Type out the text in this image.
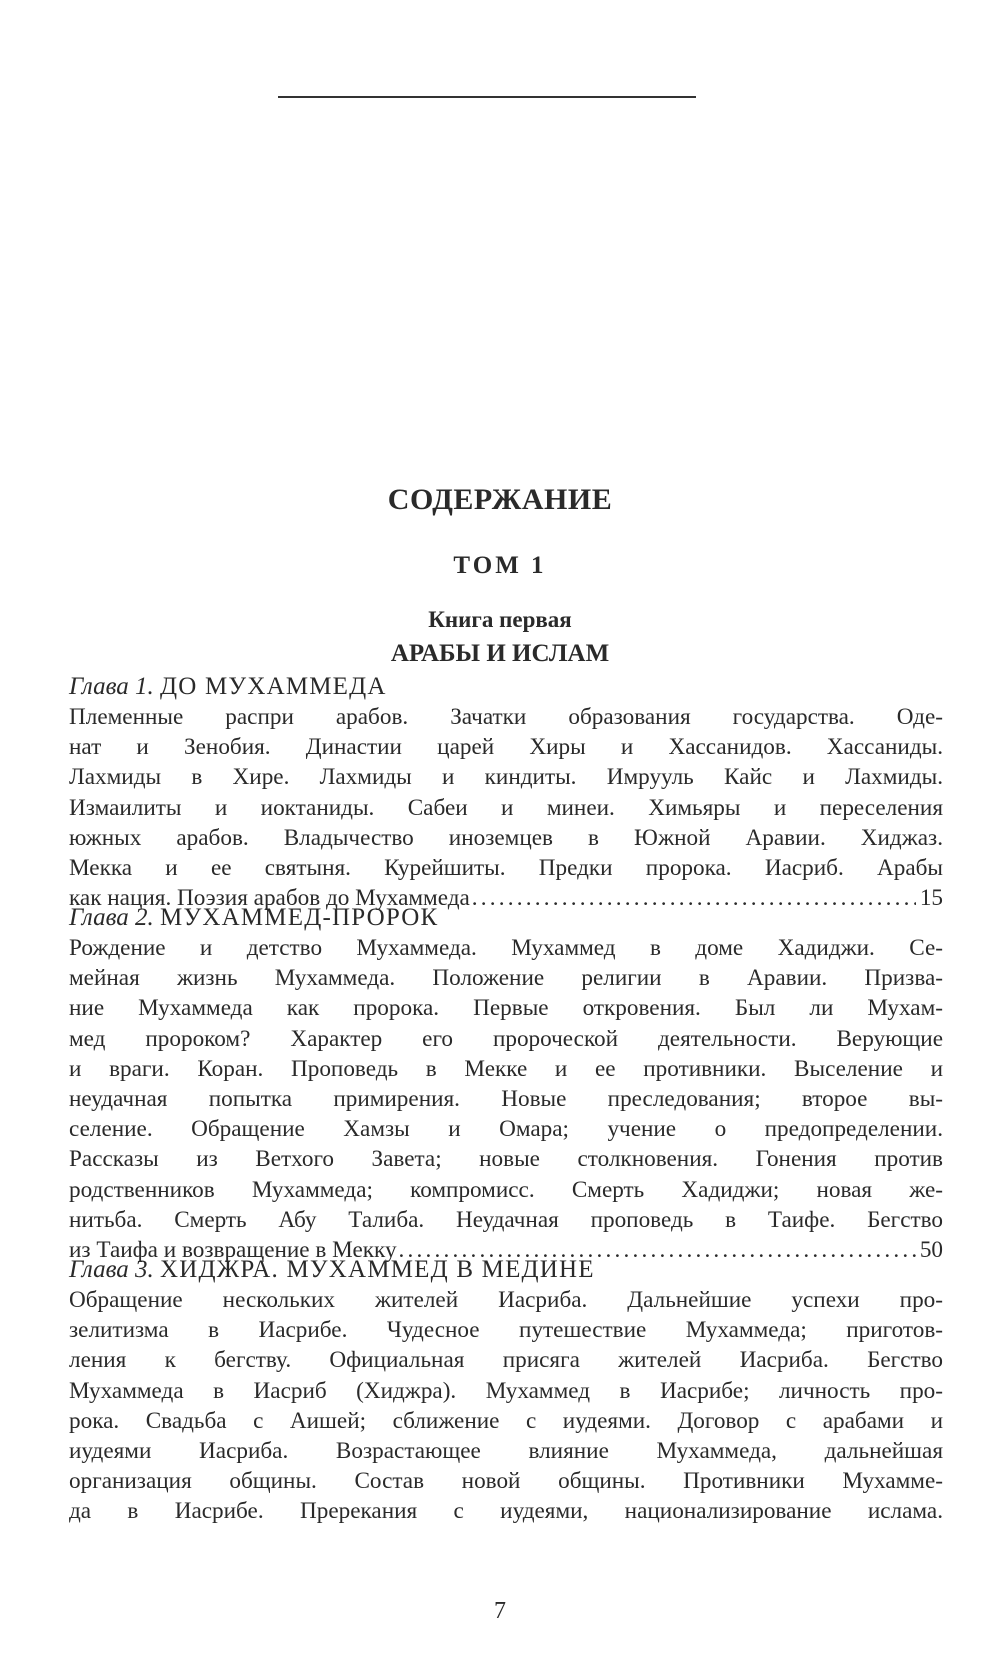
СОДЕРЖАНИЕ
ТОМ 1
Книга первая
АРАБЫ И ИСЛАМ
Глава 1. ДО МУХАММЕДА
Племенные распри арабов. Зачатки образования государства. Оде-
нат и Зенобия. Династии царей Хиры и Хассанидов. Хассаниды.
Лахмиды в Хире. Лахмиды и киндиты. Имрууль Кайс и Лахмиды.
Измаилиты и иоктаниды. Сабеи и минеи. Химьяры и переселения
южных арабов. Владычество иноземцев в Южной Аравии. Хиджаз.
Мекка и ее святыня. Курейшиты. Предки пророка. Иасриб. Арабы
как нация. Поэзия арабов до Мухаммеда .....	15
Глава 2. МУХАММЕД-ПРОРОК
Рождение и детство Мухаммеда. Мухаммед в доме Хадиджи. Се-
мейная жизнь Мухаммеда. Положение религии в Аравии. Призва-
ние Мухаммеда как пророка. Первые откровения. Был ли Мухам-
мед пророком? Характер его пророческой деятельности. Верующие
и враги. Коран. Проповедь в Мекке и ее противники. Выселение и
неудачная попытка примирения. Новые преследования; второе вы-
селение. Обращение Хамзы и Омара; учение о предопределении.
Рассказы из Ветхого Завета; новые столкновения. Гонения против
родственников Мухаммеда; компромисс. Смерть Хадиджи; новая же-
нитьба. Смерть Абу Талиба. Неудачная проповедь в Таифе. Бегство
из Таифа и возвращение в Мекку .....	50
Глава 3. ХИДЖРА. МУХАММЕД В МЕДИНЕ
Обращение нескольких жителей Иасриба. Дальнейшие успехи про-
зелитизма в Иасрибе. Чудесное путешествие Мухаммеда; приготов-
ления к бегству. Официальная присяга жителей Иасриба. Бегство
Мухаммеда в Иасриб (Хиджра). Мухаммед в Иасрибе; личность про-
рока. Свадьба с Аишей; сближение с иудеями. Договор с арабами и
иудеями Иасриба. Возрастающее влияние Мухаммеда, дальнейшая
организация общины. Состав новой общины. Противники Мухамме-
да в Иасрибе. Пререкания с иудеями, национализирование ислама.
7
